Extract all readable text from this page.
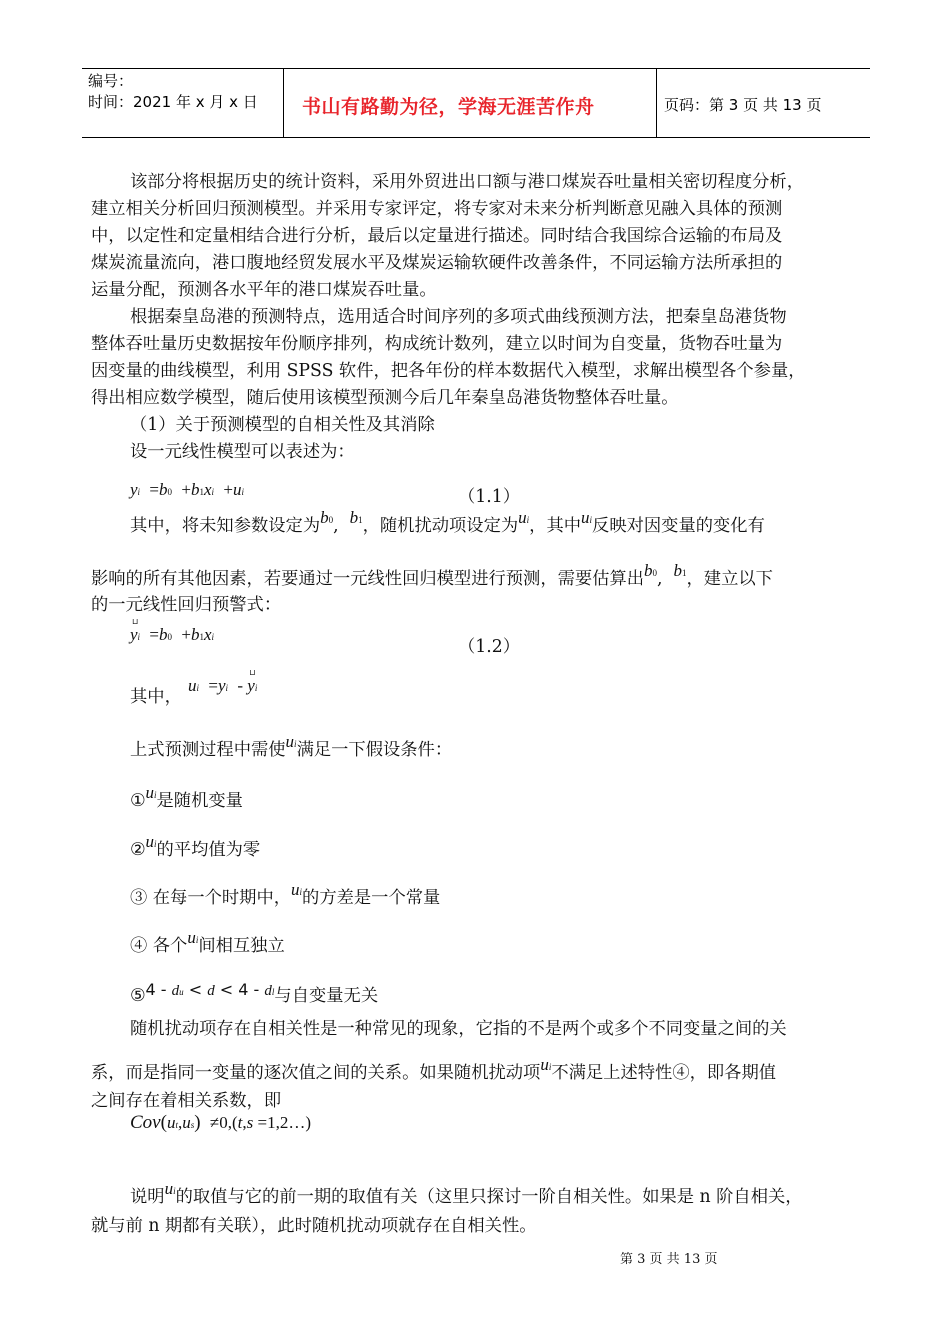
编号：
时间：2021 年 x 月 x 日 书山有路勤为径，学海无涯苦作舟	页码：第 3 页 共 13 页
该部分将根据历史的统计资料，采用外贸进出口额与港口煤炭吞吐量相关密切程度分析，
建立相关分析回归预测模型。并采用专家评定，将专家对未来分析判断意见融入具体的预测
中，以定性和定量相结合进行分析，最后以定量进行描述。同时结合我国综合运输的布局及
煤炭流量流向，港口腹地经贸发展水平及煤炭运输软硬件改善条件，不同运输方法所承担的
运量分配，预测各水平年的港口煤炭吞吐量。
根据秦皇岛港的预测特点，选用适合时间序列的多项式曲线预测方法，把秦皇岛港货物
整体吞吐量历史数据按年份顺序排列，构成统计数列，建立以时间为自变量，货物吞吐量为
因变量的曲线模型，利用 SPSS 软件，把各年份的样本数据代入模型，求解出模型各个参量，
得出相应数学模型，随后使用该模型预测今后几年秦皇岛港货物整体吞吐量。
（1）关于预测模型的自相关性及其消除
设一元线性模型可以表述为：
yi  =b0  +b1xi  +ui	（1.1）
其中，将未知参数设定为$b^0$,  $b^1$，随机扰动项设定为$u^i$，其中$u^i$反映对因变量的变化有
影响的所有其他因素，若要通过一元线性回归模型进行预测，需要估算出$b^0$,  $b^1$，建立以下
的一元线性回归预警式：
⊔
yi  =b0  +b1xi	（1.2）
其中，
ui  =yi  -
⊔
yi
上式预测过程中需使$u^i$满足一下假设条件：
$①u^i$是随机变量
$②u^i$的平均值为零
③ 在每一个时期中，$u^i$的方差是一个常量
④ 各个$u^i$间相互独立
⑤4 - du < d < 4 - dl与自变量无关
随机扰动项存在自相关性是一种常见的现象，它指的不是两个或多个不同变量之间的关
系，而是指同一变量的逐次值之间的关系。如果随机扰动项$u^i$不满足上述特性④，即各期值
之间存在着相关系数，即
Cov(ut,us)  ≠0,(t,s =1,2…)
说明$u^i$的取值与它的前一期的取值有关（这里只探讨一阶自相关性。如果是 n 阶自相关，
就与前 n 期都有关联），此时随机扰动项就存在自相关性。
第 3 页 共 13 页
